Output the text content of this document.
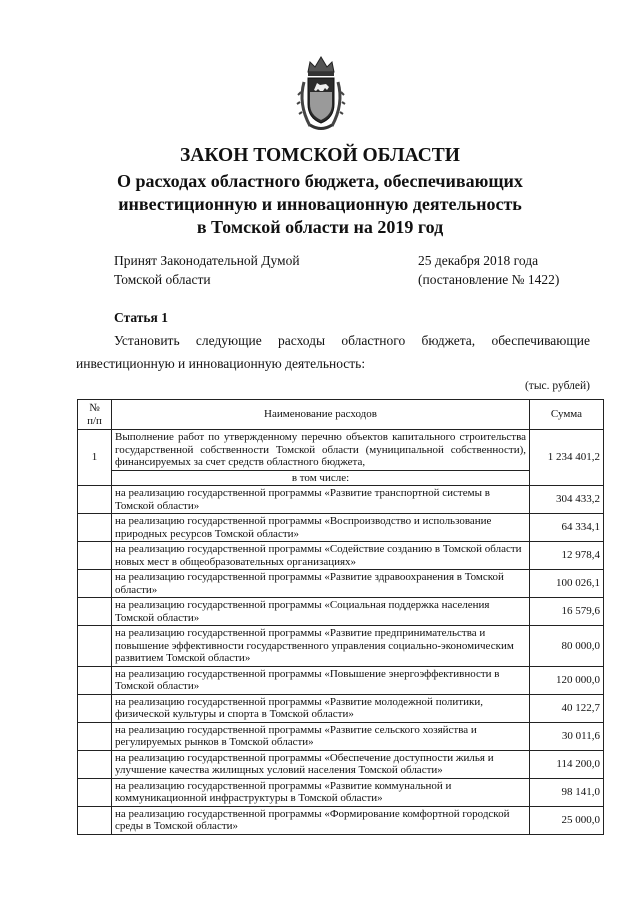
ЗАКОН ТОМСКОЙ ОБЛАСТИ
О расходах областного бюджета, обеспечивающих
инвестиционную и инновационную деятельность
в Томской области на 2019 год
Принят Законодательной Думой
Томской области
25 декабря 2018 года
(постановление № 1422)
Статья 1
Установить следующие расходы областного бюджета, обеспечивающие
инвестиционную и инновационную деятельность:
(тыс. рублей)
№
п/п	Наименование расходов	Сумма
1	Выполнение работ по утвержденному перечню объектов капитального строительства государственной собственности Томской области (муниципальной собственности), финансируемых за счет средств областного бюджета,	1 234 401,2
	в том числе:	
	на реализацию государственной программы «Развитие транспортной системы в Томской области»	304 433,2
	на реализацию государственной программы «Воспроизводство и использование природных ресурсов Томской области»	64 334,1
	на реализацию государственной программы «Содействие созданию в Томской области новых мест в общеобразовательных организациях»	12 978,4
	на реализацию государственной программы «Развитие здравоохранения в Томской области»	100 026,1
	на реализацию государственной программы «Социальная поддержка населения Томской области»	16 579,6
	на реализацию государственной программы «Развитие предпринимательства и повышение эффективности государственного управления социально-экономическим развитием Томской области»	80 000,0
	на реализацию государственной программы «Повышение энергоэффективности в Томской области»	120 000,0
	на реализацию государственной программы «Развитие молодежной политики, физической культуры и спорта в Томской области»	40 122,7
	на реализацию государственной программы «Развитие сельского хозяйства и регулируемых рынков в Томской области»	30 011,6
	на реализацию государственной программы «Обеспечение доступности жилья и улучшение качества жилищных условий населения Томской области»	114 200,0
	на реализацию государственной программы «Развитие коммунальной и коммуникационной инфраструктуры в Томской области»	98 141,0
	на реализацию государственной программы «Формирование комфортной городской среды в Томской области»	25 000,0
